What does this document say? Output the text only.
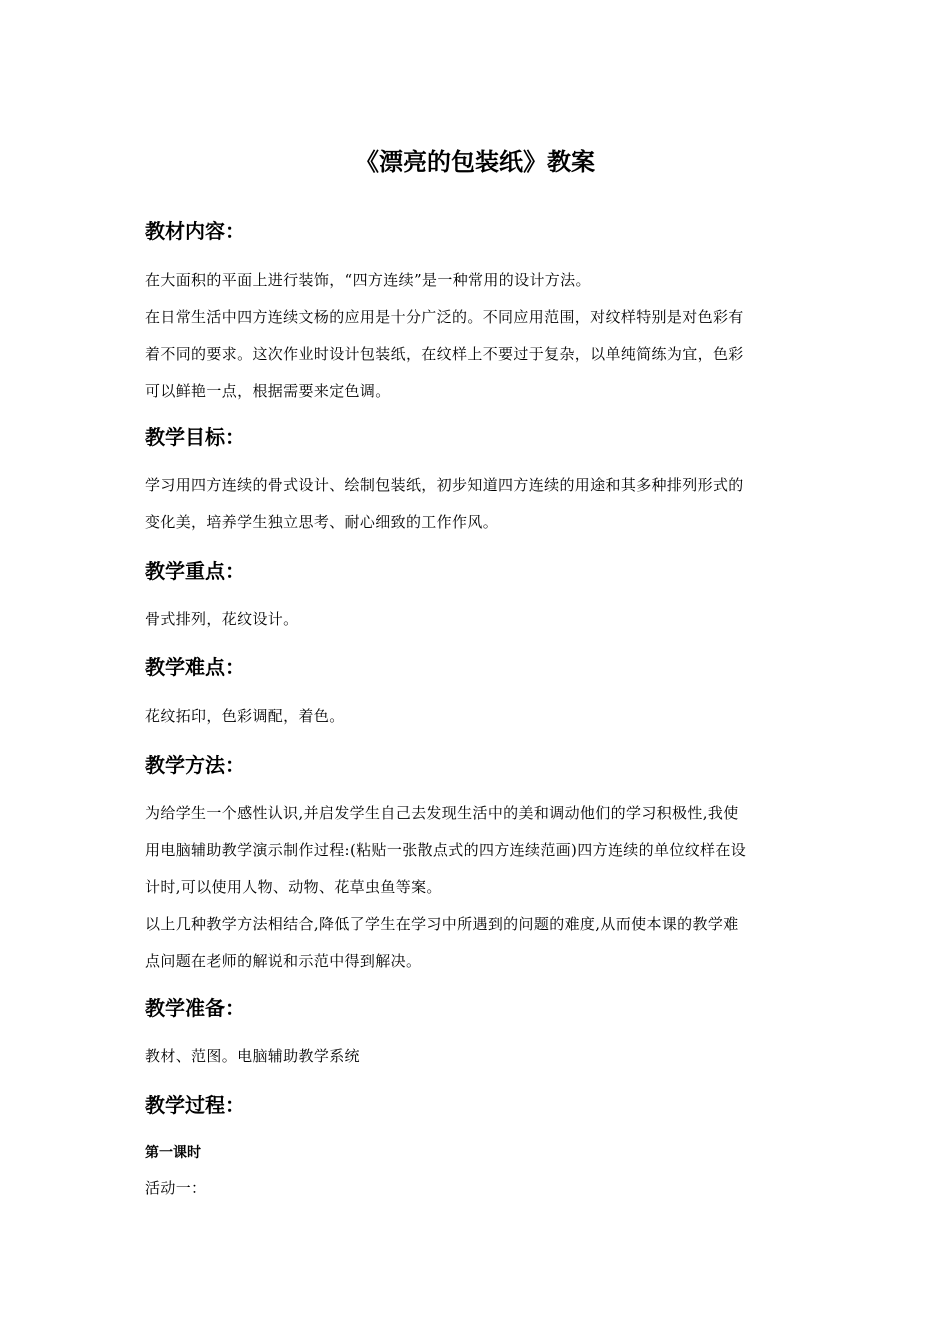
《漂亮的包装纸》教案
教材内容：
在大面积的平面上进行装饰，“四方连续”是一种常用的设计方法。
在日常生活中四方连续文杨的应用是十分广泛的。不同应用范围，对纹样特别是对色彩有
着不同的要求。这次作业时设计包装纸，在纹样上不要过于复杂，以单纯简练为宜，色彩
可以鲜艳一点，根据需要来定色调。
教学目标：
学习用四方连续的骨式设计、绘制包装纸，初步知道四方连续的用途和其多种排列形式的
变化美，培养学生独立思考、耐心细致的工作作风。
教学重点：
骨式排列，花纹设计。
教学难点：
花纹拓印，色彩调配，着色。
教学方法：
为给学生一个感性认识,并启发学生自己去发现生活中的美和调动他们的学习积极性,我使
用电脑辅助教学演示制作过程:(粘贴一张散点式的四方连续范画)四方连续的单位纹样在设
计时,可以使用人物、动物、花草虫鱼等案。
以上几种教学方法相结合,降低了学生在学习中所遇到的问题的难度,从而使本课的教学难
点问题在老师的解说和示范中得到解决。
教学准备：
教材、范图。电脑辅助教学系统
教学过程：
第一课时
活动一：
